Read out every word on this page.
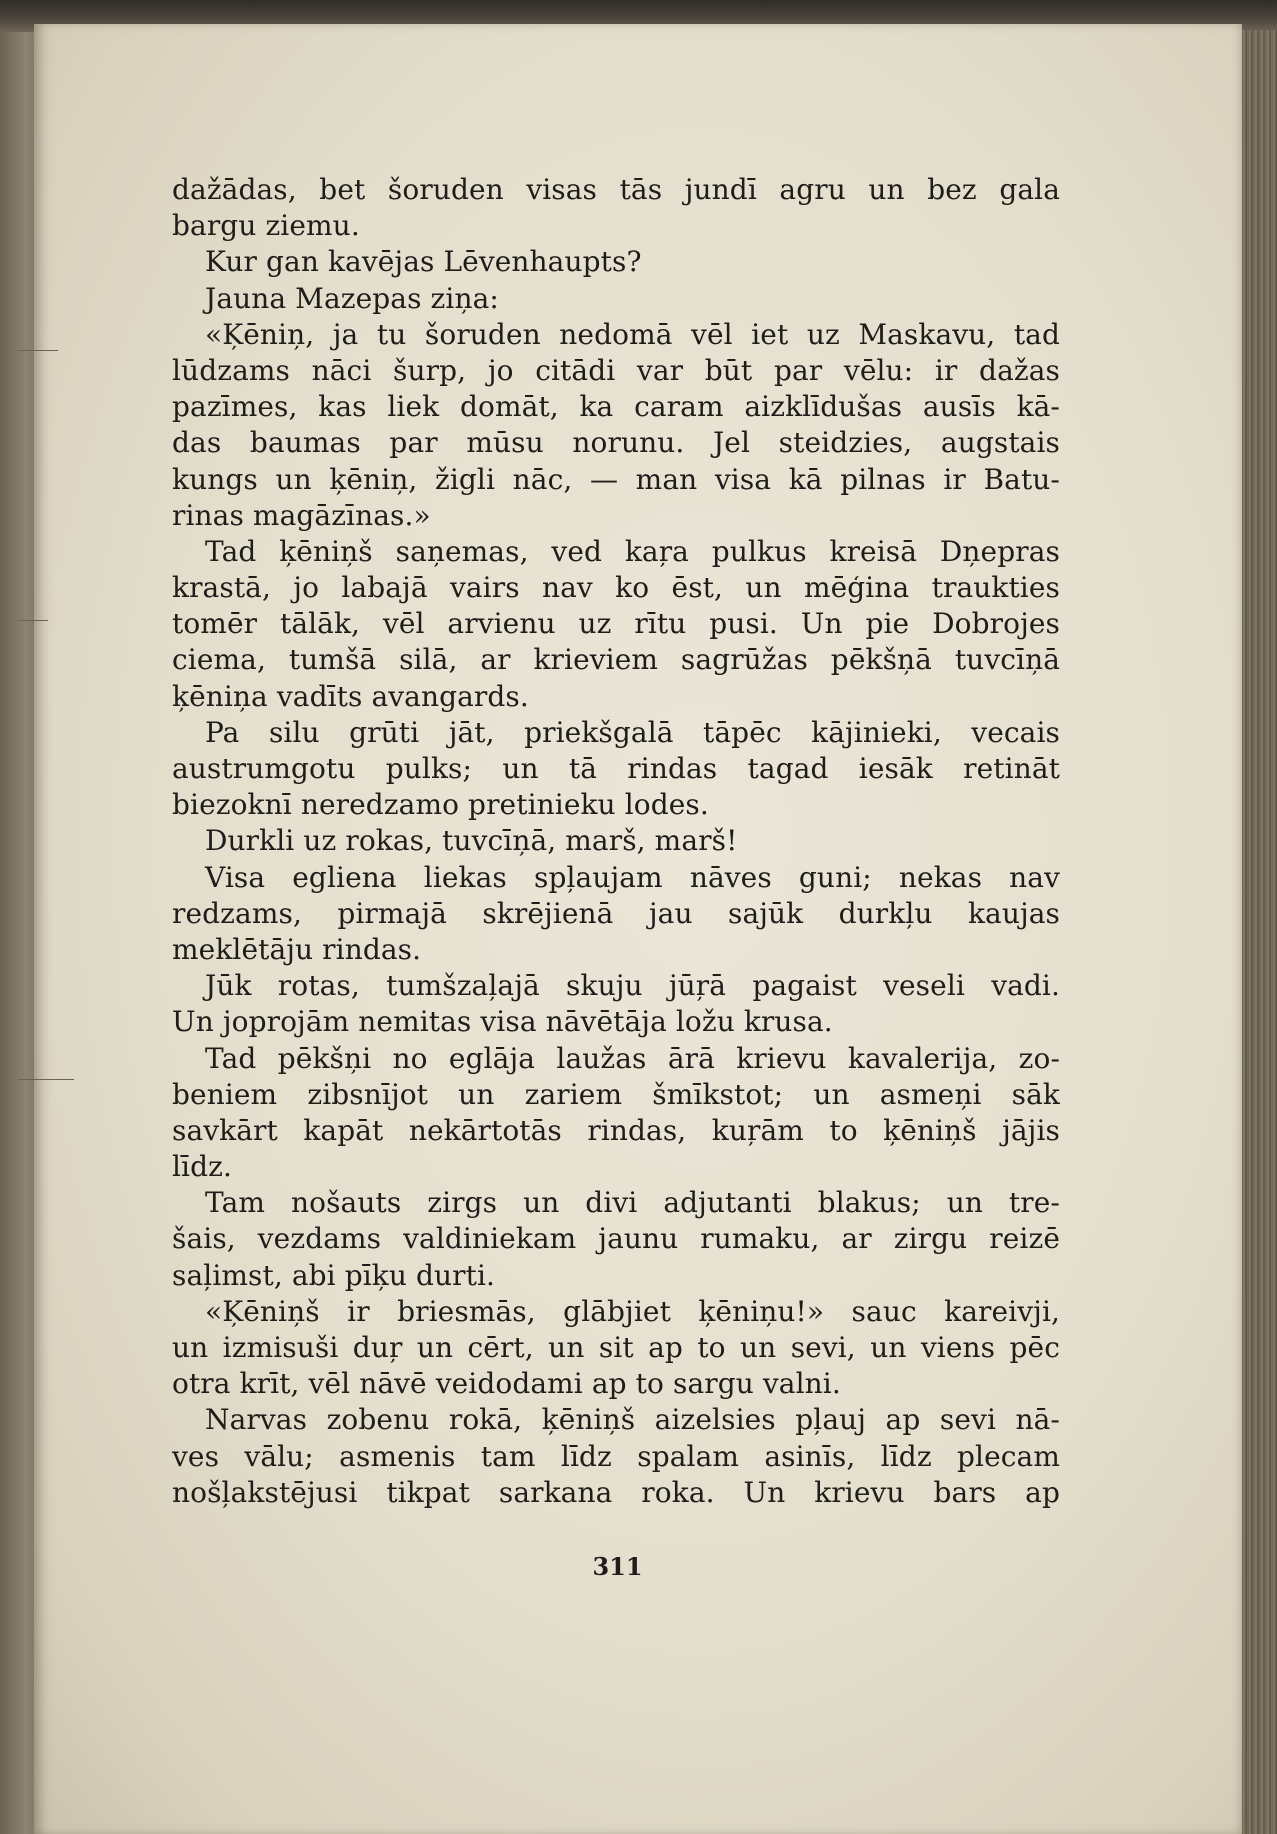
dažādas, bet šoruden visas tās jundī agru un bez gala
bargu ziemu.
Kur gan kavējas Lēvenhaupts?
Jauna Mazepas ziņa:
«Ķēniņ, ja tu šoruden nedomā vēl iet uz Maskavu, tad
lūdzams nāci šurp, jo citādi var būt par vēlu: ir dažas
pazīmes, kas liek domāt, ka caram aizklīdušas ausīs kā-
das baumas par mūsu norunu. Jel steidzies, augstais
kungs un ķēniņ, žigli nāc, — man visa kā pilnas ir Batu-
rinas magāzīnas.»
Tad ķēniņš saņemas, ved kaŗa pulkus kreisā Dņepras
krastā, jo labajā vairs nav ko ēst, un mēģina traukties
tomēr tālāk, vēl arvienu uz rītu pusi. Un pie Dobrojes
ciema, tumšā silā, ar krieviem sagrūžas pēkšņā tuvcīņā
ķēniņa vadīts avangards.
Pa silu grūti jāt, priekšgalā tāpēc kājinieki, vecais
austrumgotu pulks; un tā rindas tagad iesāk retināt
biezoknī neredzamo pretinieku lodes.
Durkli uz rokas, tuvcīņā, marš, marš!
Visa egliena liekas spļaujam nāves guni; nekas nav
redzams, pirmajā skrējienā jau sajūk durkļu kaujas
meklētāju rindas.
Jūk rotas, tumšzaļajā skuju jūŗā pagaist veseli vadi.
Un joprojām nemitas visa nāvētāja ložu krusa.
Tad pēkšņi no eglāja laužas ārā krievu kavalerija, zo-
beniem zibsnījot un zariem šmīkstot; un asmeņi sāk
savkārt kapāt nekārtotās rindas, kuŗām to ķēniņš jājis
līdz.
Tam nošauts zirgs un divi adjutanti blakus; un tre-
šais, vezdams valdiniekam jaunu rumaku, ar zirgu reizē
saļimst, abi pīķu durti.
«Ķēniņš ir briesmās, glābjiet ķēniņu!» sauc kareivji,
un izmisuši duŗ un cērt, un sit ap to un sevi, un viens pēc
otra krīt, vēl nāvē veidodami ap to sargu valni.
Narvas zobenu rokā, ķēniņš aizelsies pļauj ap sevi nā-
ves vālu; asmenis tam līdz spalam asinīs, līdz plecam
nošļakstējusi tikpat sarkana roka. Un krievu bars ap
311
